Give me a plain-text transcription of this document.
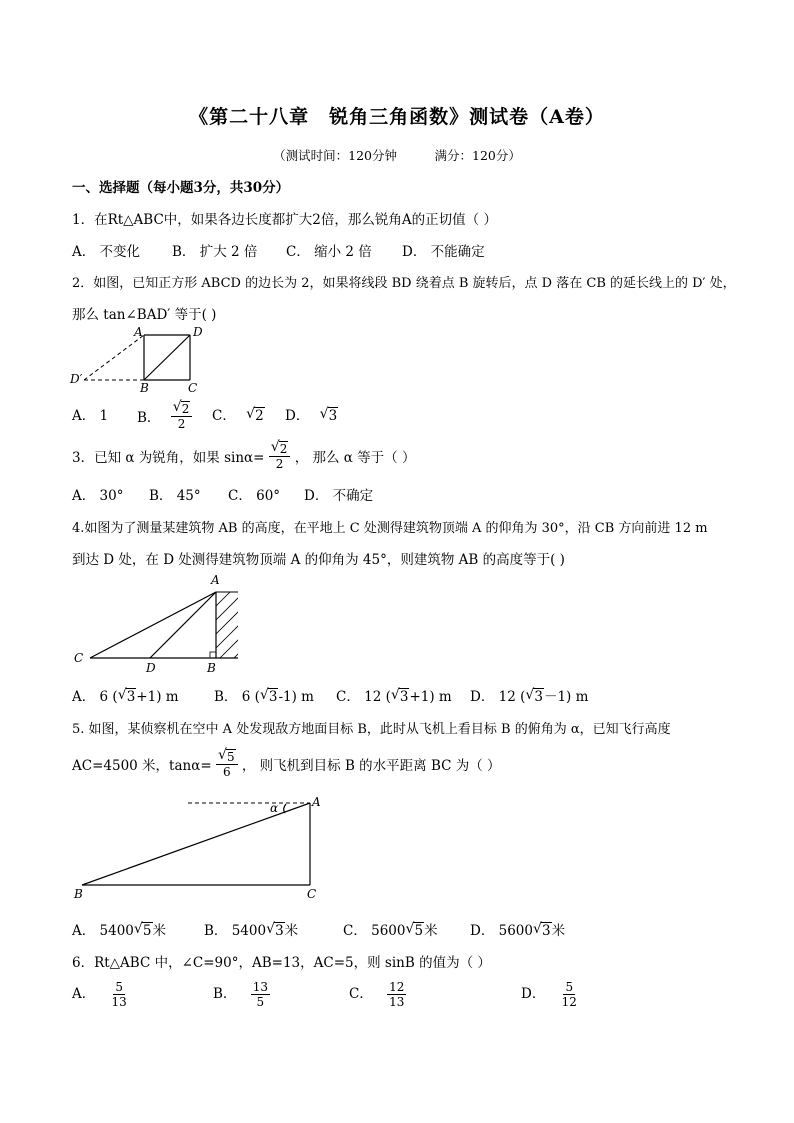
《第二十八章　锐角三角函数》测试卷（A卷）
（测试时间：120分钟　　　满分：120分）
一、选择题（每小题3分，共30分）
1．在Rt△ABC中，如果各边长度都扩大2倍，那么锐角A的正切值（ ）
A． 不变化 B． 扩大 2 倍 C． 缩小 2 倍 D． 不能确定
2．如图，已知正方形 ABCD 的边长为 2，如果将线段 BD 绕着点 B 旋转后，点 D 落在 CB 的延长线上的 D′ 处，
那么 tan∠BAD′ 等于( )
A	D
D′
B	C
A． 1 B． $\frac{√ 2}{2}$ C． √ 2 D． √ 3
3．已知 α 为锐角，如果 $\sin\alpha= \frac{√ 2}{2}$ ， 那么 α 等于（ ）
A． 30° B． 45° C． 60° D． 不确定
4.如图为了测量某建筑物 AB 的高度，在平地上 C 处测得建筑物顶端 A 的仰角为 30°，沿 CB 方向前进 12 m
到达 D 处，在 D 处测得建筑物顶端 A 的仰角为 45°，则建筑物 AB 的高度等于( )
A
C
D	B
A． 6 ( √ 3+1) m	B． 6 ( √ 3-1) m C． 12 ( √ 3+1) m D． 12 ( √ 3－1) m
5. 如图，某侦察机在空中 A 处发现敌方地面目标 B，此时从飞机上看目标 B 的俯角为 α，已知飞行高度
AC=4500 米，$\tan\alpha= \frac{√ 5}{6}$ ， 则飞机到目标 B 的水平距离 BC 为（ ）
α	A
B	C
A． 5400 √ 5米	B． 5400 √ 3米	C． 5600 √ 5米 D． 5600 √ 3米
6．Rt△ABC 中，∠C=90°，AB=13，AC=5，则 sinB 的值为（ ）
A． $\frac{5}{13}$	B． $\frac{13}{5}$	C． $\frac{12}{13}$	D． $\frac{5}{12}$
